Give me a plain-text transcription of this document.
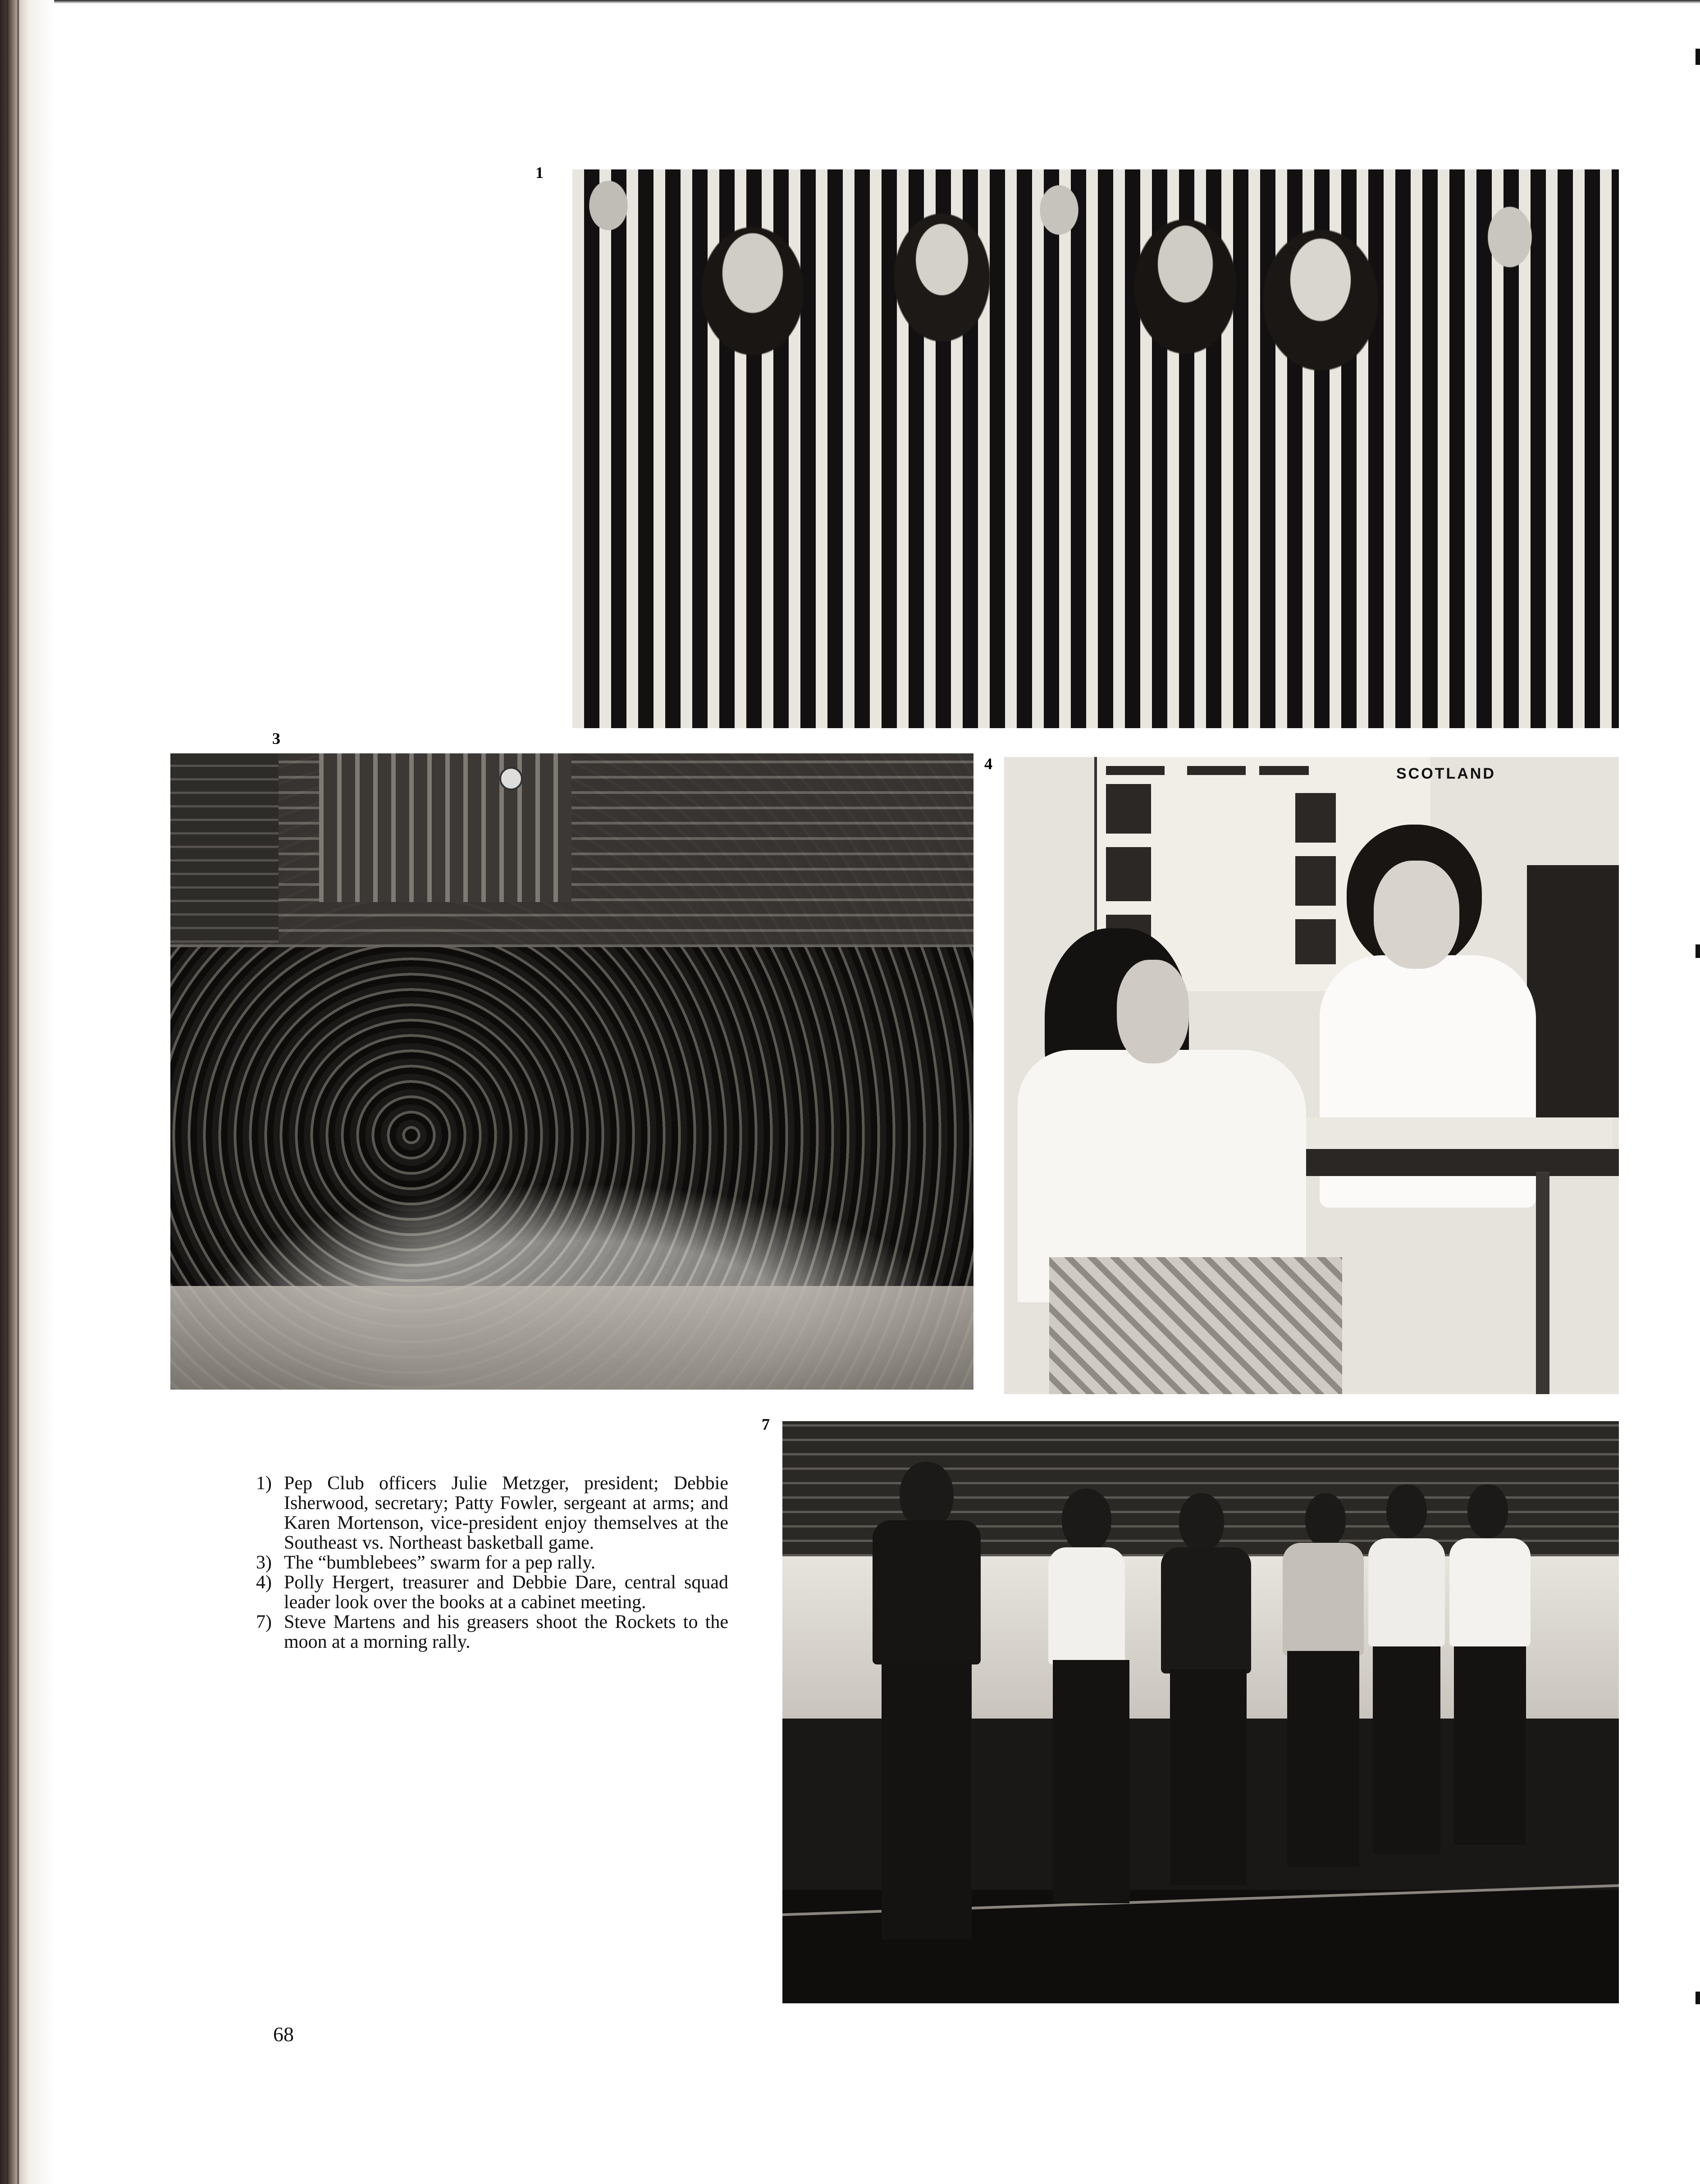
1
3
4
SCOTLAND
7
1) Pep Club officers Julie Metzger, president; Debbie Isherwood, secretary; Patty Fowler, sergeant at arms; and Karen Mortenson, vice-president enjoy themselves at the Southeast vs. Northeast basketball game.
3) The “bumblebees” swarm for a pep rally.
4) Polly Hergert, treasurer and Debbie Dare, central squad leader look over the books at a cabinet meeting.
7) Steve Martens and his greasers shoot the Rockets to the moon at a morning rally.
68
